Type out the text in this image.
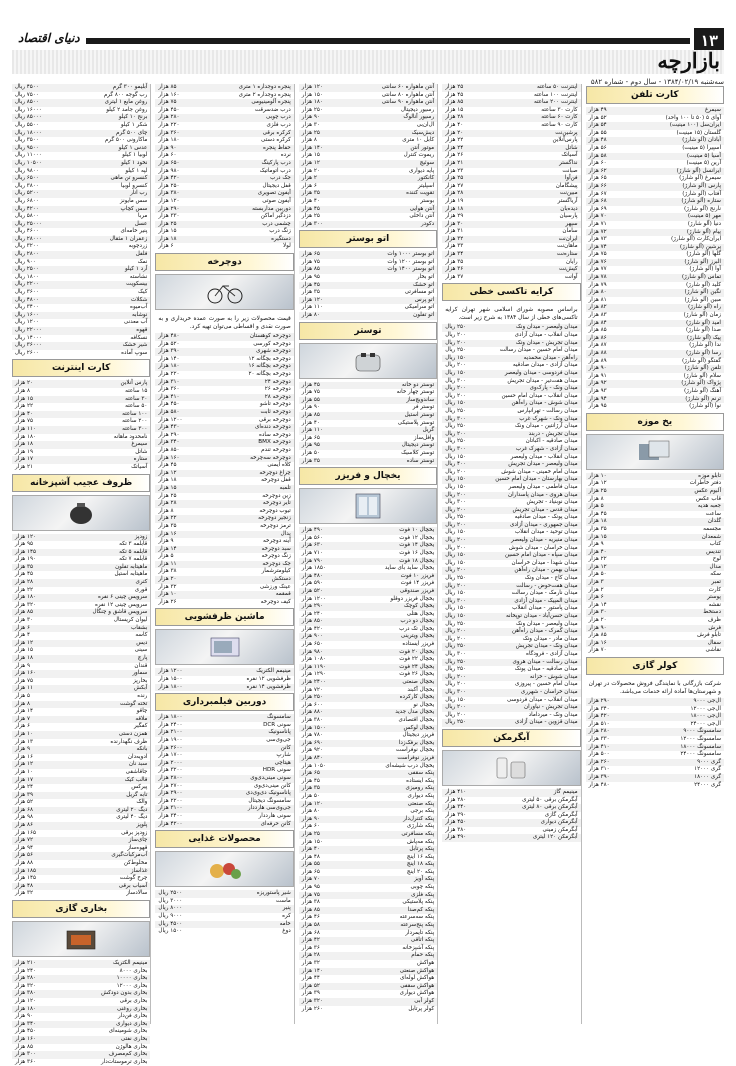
۱۳
دنیای اقتصاد
بازارچه
سه‌شنبه ۱۳۸۴/۰۲/۱۹ - سال دوم - شماره ۵۸۲
کارت تلفن
سیمرغ
۴۹ هزار
آوای ۵ (۵۰ تا ۱۰۰ واحد)
۵۲ هزار
ایران‌سل (۱۰۰ مینیت)
۵۴ هزار
گلستان (۱۵ مینیت)
۵۵ هزار
آبادان (آلو شارژ)
۴۸ هزار
اسپیرا (۵ مینیت)
۵۶ هزار
آسیا (۵ مینیت)
۵۸ هزار
آرین (۵ مینیت)
۶۰ هزار
ایرانسل (آلو شارژ)
۶۲ هزار
سیمرغ (آلو شارژ)
۶۵ هزار
پارس (آلو شارژ)
۶۶ هزار
آفتاب (آلو شارژ)
۶۷ هزار
ستاره (آلو شارژ)
۶۸ هزار
نارنج (آلو شارژ)
۶۹ هزار
مهر (۵ مینیت)
۷۰ هزار
دنیا (آلو شارژ)
۷۱ هزار
پیام (آلو شارژ)
۷۲ هزار
ایران‌کارت (آلو شارژ)
۷۳ هزار
پرشین (آلو شارژ)
۷۴ هزار
گلها (آلو شارژ)
۷۵ هزار
البرز (آلو شارژ)
۷۶ هزار
آوا (آلو شارژ)
۷۷ هزار
تماس (آلو شارژ)
۷۸ هزار
کلید (آلو شارژ)
۷۹ هزار
نگین (آلو شارژ)
۸۰ هزار
مبین (آلو شارژ)
۸۱ هزار
راه (آلو شارژ)
۸۲ هزار
زمان (آلو شارژ)
۸۳ هزار
امید (آلو شارژ)
۸۴ هزار
صدا (آلو شارژ)
۸۵ هزار
پیک (آلو شارژ)
۸۶ هزار
ندا (آلو شارژ)
۸۷ هزار
رسا (آلو شارژ)
۸۸ هزار
گفتگو (آلو شارژ)
۸۹ هزار
تلفن (آلو شارژ)
۹۰ هزار
سلام (آلو شارژ)
۹۱ هزار
پژواک (آلو شارژ)
۹۲ هزار
آهنگ (آلو شارژ)
۹۳ هزار
ترنم (آلو شارژ)
۹۴ هزار
نوا (آلو شارژ)
۹۵ هزار
یخ موزه
تابلو موزه
۱۰ هزار
دفتر خاطرات
۱۲ هزار
آلبوم عکس
۲۵ هزار
قاب عکس
۸ هزار
جعبه هدیه
۵ هزار
ساعت
۴۵ هزار
گلدان
۱۸ هزار
مجسمه
۳۵ هزار
شمعدان
۱۵ هزار
کتاب
۹ هزار
تندیس
۴۰ هزار
لوح
۲۲ هزار
مدال
۱۲ هزار
سکه
۵۰ هزار
تمبر
۳ هزار
کارت
۲ هزار
پوستر
۶ هزار
نقشه
۱۴ هزار
دستخط
۳۰ هزار
ظرف
۲۰ هزار
فرش
۹۰ هزار
تابلو فرش
۸۵ هزار
سفال
۱۶ هزار
نقاشی
۷۰ هزار
کولر گازی
شرکت بازرگانی با نمایندگی فروش محصولات در تهران و شهرستان‌ها آماده ارائه خدمات می‌باشد.
ال‌جی ۹۰۰۰
۲۹۰ هزار
ال‌جی ۱۲۰۰۰
۳۴۰ هزار
ال‌جی ۱۸۰۰۰
۴۲۰ هزار
ال‌جی ۲۴۰۰۰
۵۱۰ هزار
سامسونگ ۹۰۰۰
۲۸۰ هزار
سامسونگ ۱۲۰۰۰
۳۳۰ هزار
سامسونگ ۱۸۰۰۰
۴۱۰ هزار
سامسونگ ۲۴۰۰۰
۵۰۰ هزار
گری ۹۰۰۰
۲۶۰ هزار
گری ۱۲۰۰۰
۳۱۰ هزار
گری ۱۸۰۰۰
۳۹۰ هزار
گری ۲۴۰۰۰
۴۸۰ هزار
اینترنت ۵۰ ساعته
۲۵ هزار
اینترنت ۱۰۰ ساعته
۴۵ هزار
اینترنت ۲۰۰ ساعته
۸۵ هزار
کارت ۳۰ ساعته
۱۵ هزار
کارت ۶۰ ساعته
۲۸ هزار
کارت ۹۰ ساعته
۴۰ هزار
پرشین‌نت
۲۰ هزار
پارس‌آنلاین
۲۲ هزار
شاتل
۲۴ هزار
آسیاتک
۲۶ هزار
نداگستر
۲۱ هزار
صبانت
۲۳ هزار
فن‌آوا
۲۵ هزار
پیشگامان
۲۷ هزار
مبین‌نت
۲۸ هزار
آریاگستر
۱۹ هزار
دیده‌بان
۱۸ هزار
پارسیان
۲۹ هزار
سپهر
۳۰ هزار
سامان
۳۱ هزار
ایران‌نت
۳۲ هزار
ماهان‌نت
۳۳ هزار
ستاره‌نت
۳۴ هزار
رایان
۳۵ هزار
کیش‌نت
۳۶ هزار
آوانت
۳۷ هزار
کرایه تاکسی خطی
براساس مصوبه شورای اسلامی شهر تهران کرایه تاکسی‌های خطی از سال ۱۳۸۴ به شرح زیر است.
میدان ولیعصر - میدان ونک
۲۵۰ ریال
میدان انقلاب - میدان آزادی
۲۰۰ ریال
میدان تجریش - میدان ونک
۲۰۰ ریال
میدان امام حسین - میدان رسالت
۲۵۰ ریال
راه‌آهن - میدان محمدیه
۱۵۰ ریال
میدان آزادی - میدان صادقیه
۲۰۰ ریال
میدان فردوسی - میدان ولیعصر
۱۵۰ ریال
میدان هفت‌تیر - میدان تجریش
۳۰۰ ریال
میدان ونک - پارک‌وی
۲۰۰ ریال
میدان انقلاب - میدان امام حسین
۲۰۰ ریال
میدان شوش - میدان راه‌آهن
۱۵۰ ریال
میدان رسالت - تهرانپارس
۲۵۰ ریال
میدان ونک - شهرک غرب
۳۰۰ ریال
میدان آرژانتین - میدان ونک
۲۵۰ ریال
میدان تجریش - دربند
۲۰۰ ریال
میدان صادقیه - اکباتان
۲۵۰ ریال
میدان آزادی - شهرک غرب
۳۰۰ ریال
میدان انقلاب - میدان ولیعصر
۱۵۰ ریال
میدان ولیعصر - میدان تجریش
۴۰۰ ریال
میدان امام خمینی - میدان شوش
۲۰۰ ریال
میدان بهارستان - میدان امام حسین
۱۵۰ ریال
میدان فاطمی - میدان ولیعصر
۱۵۰ ریال
میدان هروی - میدان پاسداران
۲۰۰ ریال
میدان نوبنیاد - تجریش
۳۰۰ ریال
میدان قدس - میدان تجریش
۲۰۰ ریال
میدان پونک - میدان صادقیه
۲۵۰ ریال
میدان جمهوری - میدان آزادی
۲۰۰ ریال
میدان توحید - میدان انقلاب
۱۵۰ ریال
میدان منیریه - میدان ولیعصر
۲۰۰ ریال
میدان خراسان - میدان شوش
۲۰۰ ریال
میدان سپاه - میدان امام حسین
۱۵۰ ریال
میدان شهدا - میدان خراسان
۱۵۰ ریال
میدان بهمن - میدان راه‌آهن
۲۰۰ ریال
میدان کاج - میدان ونک
۲۵۰ ریال
میدان هفت‌حوض - رسالت
۲۰۰ ریال
میدان نارمک - میدان رسالت
۱۵۰ ریال
میدان المپیک - میدان آزادی
۳۰۰ ریال
میدان پاستور - میدان انقلاب
۱۵۰ ریال
میدان حسن‌آباد - میدان توپخانه
۱۵۰ ریال
میدان ولیعصر - میدان ونک
۲۵۰ ریال
میدان گمرک - میدان راه‌آهن
۲۰۰ ریال
میدان مادر - میدان ونک
۲۰۰ ریال
میدان ونک - میدان تجریش
۲۵۰ ریال
میدان آزادی - فرودگاه
۳۰۰ ریال
میدان رسالت - میدان هروی
۲۵۰ ریال
میدان صادقیه - میدان پونک
۲۵۰ ریال
میدان شوش - خزانه
۲۰۰ ریال
میدان امام حسین - پیروزی
۲۰۰ ریال
میدان خراسان - شهرری
۳۰۰ ریال
میدان انقلاب - میدان فردوسی
۱۵۰ ریال
میدان تجریش - نیاوران
۲۰۰ ریال
میدان ونک - میرداماد
۲۰۰ ریال
میدان قزوین - میدان آزادی
۲۵۰ ریال
آبگرمکن
مینیمم گاز
۴۱۰ هزار
آبگرمکن برقی ۵۰ لیتری
۲۸۰ هزار
آبگرمکن برقی ۸۰ لیتری
۳۴۰ هزار
آبگرمکن گازی
۳۹۰ هزار
آبگرمکن دیواری
۴۵۰ هزار
آبگرمکن زمینی
۳۸۰ هزار
آبگرمکن ۱۲۰ لیتری
۴۹۰ هزار
آنتن ماهواره ۶۰ سانتی
۱۲۰ هزار
آنتن ماهواره ۸۰ سانتی
۱۵۰ هزار
آنتن ماهواره ۹۰ سانتی
۱۸۰ هزار
رسیور دیجیتال
۲۵۰ هزار
رسیور آنالوگ
۹۰ هزار
ال‌ان‌بی
۳۰ هزار
دیش‌سیک
۲۵ هزار
کابل ۱۰ متری
۸ هزار
موتور آنتن
۱۴۰ هزار
ریموت کنترل
۱۵ هزار
سوئیچ
۱۲ هزار
پایه دیواری
۲۰ هزار
کانکتور
۲ هزار
اسپلیتر
۶ هزار
تقویت کننده
۳۵ هزار
بوستر
۴۰ هزار
آنتن هوایی
۴۵ هزار
آنتن داخلی
۲۵ هزار
دکودر
۳۰۰ هزار
اتو بوستر
اتو بوستر ۱۰۰۰ وات
۶۵ هزار
اتو بوستر ۱۲۰۰ وات
۷۵ هزار
اتو بوستر ۱۴۰۰ وات
۸۵ هزار
اتو بخار
۹۵ هزار
اتو خشک
۴۵ هزار
اتو مسافرتی
۳۵ هزار
اتو پرس
۱۲۰ هزار
اتو سرامیکی
۱۱۰ هزار
اتو تفلون
۸۰ هزار
توستر
توستر دو خانه
۴۵ هزار
توستر چهار خانه
۷۵ هزار
ساندویچ‌ساز
۵۵ هزار
توستر فر
۹۰ هزار
توستر استیل
۸۵ هزار
توستر پلاستیکی
۴۰ هزار
گریل
۱۱۰ هزار
وافل‌ساز
۶۵ هزار
توستر دیجیتال
۹۵ هزار
توستر کلاسیک
۵۰ هزار
توستر ساده
۳۵ هزار
یخچال و فریزر
یخچال ۱۰ فوت
۴۹۰ هزار
یخچال ۱۲ فوت
۵۶۰ هزار
یخچال ۱۴ فوت
۶۳۰ هزار
یخچال ۱۶ فوت
۷۱۰ هزار
یخچال ۱۸ فوت
۷۹۰ هزار
یخچال ساید بای ساید
۱۸۵۰ هزار
فریزر ۱۰ فوت
۴۸۰ هزار
فریزر ۱۴ فوت
۵۹۰ هزار
فریزر صندوقی
۵۲۰ هزار
یخچال فریزر دوقلو
۱۲۰۰ هزار
یخچال کوچک
۲۹۰ هزار
یخچال هتلی
۲۴۰ هزار
یخچال دو درب
۸۵۰ هزار
یخچال تک درب
۴۲۰ هزار
یخچال ویترینی
۹۰۰ هزار
فریزر ایستاده
۶۵۰ هزار
یخچال ۲۰ فوت
۹۸۰ هزار
یخچال ۲۲ فوت
۱۰۸۰ هزار
یخچال ۲۴ فوت
۱۱۹۰ هزار
یخچال ۲۶ فوت
۱۲۹۰ هزار
یخچال صنعتی
۲۴۰۰ هزار
یخچال آکبند
۷۲۰ هزار
یخچال کارکرده
۲۵۰ هزار
یخچال نو
۶۰۰ هزار
یخچال مدل جدید
۸۸۰ هزار
یخچال اقتصادی
۳۸۰ هزار
یخچال لوکس
۱۵۰۰ هزار
فریزر دیجیتال
۷۸۰ هزار
یخچال برفک‌زدا
۶۹۰ هزار
یخچال نوفراست
۹۲۰ هزار
فریزر نوفراست
۸۴۰ هزار
یخچال درب شیشه‌ای
۱۰۵۰ هزار
پنکه سقفی
۶۵ هزار
پنکه ایستاده
۴۵ هزار
پنکه رومیزی
۳۵ هزار
پنکه دیواری
۵۰ هزار
پنکه صنعتی
۱۲۰ هزار
پنکه برجی
۸۰ هزار
پنکه کنترل‌دار
۹۰ هزار
پنکه شارژی
۶۰ هزار
پنکه مسافرتی
۲۵ هزار
پنکه مه‌پاش
۱۵۰ هزار
پنکه پرتابل
۴۰ هزار
پنکه ۱۶ اینچ
۴۸ هزار
پنکه ۱۸ اینچ
۵۵ هزار
پنکه ۲۰ اینچ
۶۵ هزار
پنکه آویز
۷۰ هزار
پنکه چوبی
۹۵ هزار
پنکه فلزی
۷۵ هزار
پنکه پلاستیکی
۳۸ هزار
پنکه کم‌صدا
۸۵ هزار
پنکه سه‌سرعته
۴۶ هزار
پنکه پنج‌سرعته
۵۸ هزار
پنکه تایمردار
۶۸ هزار
پنکه اتاقی
۴۲ هزار
پنکه آشپزخانه
۳۶ هزار
پنکه حمام
۲۸ هزار
هواکش
۳۲ هزار
هواکش صنعتی
۱۴۰ هزار
هواکش لوله‌ای
۴۴ هزار
هواکش سقفی
۵۲ هزار
هواکش دیواری
۳۹ هزار
کولر آبی
۳۲۰ هزار
کولر پرتابل
۲۶۰ هزار
پنجره دوجداره ۱ متری
۸۵ هزار
پنجره دوجداره ۲ متری
۱۶۰ هزار
پنجره آلومینیومی
۷۵ هزار
درب ضدسرقت
۴۵۰ هزار
درب چوبی
۲۸۰ هزار
درب فلزی
۲۲۰ هزار
کرکره برقی
۳۶۰ هزار
کرکره دستی
۱۸۰ هزار
حفاظ پنجره
۹۰ هزار
نرده
۶۰ هزار
درب پارکینگ
۶۵۰ هزار
درب اتوماتیک
۹۸۰ هزار
جک درب
۴۲۰ هزار
قفل دیجیتال
۲۵۰ هزار
آیفون تصویری
۳۸۰ هزار
آیفون صوتی
۱۲۰ هزار
دوربین مداربسته
۲۹۰ هزار
دزدگیر اماکن
۳۳۰ هزار
چشمی درب
۲۵ هزار
زنگ درب
۱۵ هزار
دستگیره
۱۸ هزار
لولا
۶ هزار
دوچرخه
قیمت محصولات زیر را به صورت عمده خریداری و به صورت نقدی و اقساطی می‌توان تهیه کرد.
دوچرخه کوهستان
۴۸۰ هزار
دوچرخه کورسی
۵۲۰ هزار
دوچرخه شهری
۳۹۰ هزار
دوچرخه بچگانه ۱۲
۱۴۰ هزار
دوچرخه بچگانه ۱۶
۱۸۰ هزار
دوچرخه بچگانه ۲۰
۲۲۰ هزار
دوچرخه ۲۴
۳۱۰ هزار
دوچرخه ۲۶
۳۶۰ هزار
دوچرخه ۲۸
۴۱۰ هزار
دوچرخه تاشو
۴۵۰ هزار
دوچرخه ثابت
۵۸۰ هزار
دوچرخه برقی
۱۲۰۰ هزار
دوچرخه دنده‌ای
۴۳۰ هزار
دوچرخه ساده
۲۹۰ هزار
دوچرخه BMX
۳۴۰ هزار
دوچرخه تندم
۸۵۰ هزار
دوچرخه سه‌چرخه
۱۶۰ هزار
کلاه ایمنی
۴۵ هزار
چراغ دوچرخه
۱۲ هزار
قفل دوچرخه
۱۸ هزار
تلمبه
۱۵ هزار
زین دوچرخه
۲۵ هزار
تایر دوچرخه
۲۸ هزار
تیوب دوچرخه
۸ هزار
زنجیر دوچرخه
۲۲ هزار
ترمز دوچرخه
۳۵ هزار
پدال
۱۶ هزار
آینه دوچرخه
۹ هزار
سبد دوچرخه
۱۴ هزار
زنگ دوچرخه
۵ هزار
جک دوچرخه
۱۱ هزار
کیلومترشمار
۳۸ هزار
دستکش
۲۰ هزار
عینک ورزشی
۳۲ هزار
قمقمه
۱۰ هزار
کیف دوچرخه
۲۶ هزار
ماشین ظرفشویی
مینیمم الکتریک
۱۲۰۰ هزار
ظرفشویی ۱۲ نفره
۱۵۰۰ هزار
ظرفشویی ۱۴ نفره
۱۸۰۰ هزار
دوربین فیلمبرداری
سامسونگ
۱۸۰۰ هزار
سونی DCR
۲۴۰۰ هزار
پاناسونیک
۲۱۰۰ هزار
جی‌وی‌سی
۱۹۰۰ هزار
کانن
۲۶۰۰ هزار
شارپ
۱۷۰۰ هزار
هیتاچی
۲۰۰۰ هزار
سونی HDR
۳۲۰۰ هزار
سونی مینی‌دی‌وی
۲۸۰۰ هزار
کانن مینی‌دی‌وی
۲۷۰۰ هزار
پاناسونیک دی‌وی‌دی
۲۹۰۰ هزار
سامسونگ دیجیتال
۲۲۰۰ هزار
جی‌وی‌سی هارددار
۳۱۰۰ هزار
سونی هارددار
۳۴۰۰ هزار
کانن حرفه‌ای
۴۲۰۰ هزار
محصولات غذایی
شیر پاستوریزه
۲۵۰۰ ریال
ماست
۳۰۰۰ ریال
پنیر
۸۰۰۰ ریال
کره
۹۰۰۰ ریال
خامه
۴۵۰۰ ریال
دوغ
۱۵۰۰ ریال
آبلیمو ۳۰۰ گرم
۴۵۰۰ ریال
رب گوجه ۸۰۰ گرم
۷۵۰۰ ریال
روغن مایع ۱ لیتری
۸۵۰۰ ریال
روغن جامد ۲ کیلو
۱۶۰۰۰ ریال
برنج ۱۰ کیلو
۸۵۰۰۰ ریال
شکر ۱ کیلو
۵۵۰۰ ریال
چای ۵۰۰ گرم
۱۸۰۰۰ ریال
ماکارونی ۵۰۰ گرم
۳۵۰۰ ریال
عدس ۱ کیلو
۹۵۰۰ ریال
لوبیا ۱ کیلو
۱۱۰۰۰ ریال
نخود ۱ کیلو
۱۰۵۰۰ ریال
لپه ۱ کیلو
۹۸۰۰ ریال
کنسرو تن ماهی
۶۵۰۰ ریال
کنسرو لوبیا
۳۸۰۰ ریال
رب انار
۵۲۰۰ ریال
سس مایونز
۶۸۰۰ ریال
سس کچاپ
۴۲۰۰ ریال
مربا
۵۸۰۰ ریال
عسل
۲۵۰۰۰ ریال
پنیر خامه‌ای
۴۶۰۰ ریال
زعفران ۱ مثقال
۲۸۰۰۰ ریال
زردچوبه
۳۲۰۰ ریال
فلفل
۲۸۰۰ ریال
نمک
۹۰۰ ریال
آرد ۱ کیلو
۲۵۰۰ ریال
نشاسته
۱۸۰۰ ریال
بیسکویت
۲۲۰۰ ریال
کیک
۳۶۰۰ ریال
شکلات
۴۸۰۰ ریال
آب‌میوه
۳۴۰۰ ریال
نوشابه
۱۶۰۰ ریال
آب معدنی
۱۲۰۰ ریال
قهوه
۲۲۰۰۰ ریال
نسکافه
۱۴۰۰۰ ریال
شیر خشک
۳۶۰۰۰ ریال
سوپ آماده
۲۶۰۰ ریال
کارت اینترنت
پارس آنلاین
۲۰ هزار
۱۵ ساعته
۸ هزار
۳۰ ساعته
۱۵ هزار
۵۰ ساعته
۲۲ هزار
۱۰۰ ساعته
۴۰ هزار
۲۰۰ ساعته
۷۵ هزار
۳۰۰ ساعته
۱۱۰ هزار
نامحدود ماهانه
۱۸۰ هزار
سیمرغ
۱۸ هزار
شاتل
۱۹ هزار
ستاره
۱۷ هزار
آسیاتک
۲۱ هزار
ظروف عجیب آشپزخانه
زودپز
۱۲۰ هزار
قابلمه ۳ تکه
۹۵ هزار
قابلمه ۵ تکه
۱۴۵ هزار
قابلمه ۷ تکه
۱۹۰ هزار
ماهیتابه تفلون
۳۵ هزار
ماهیتابه استیل
۴۵ هزار
کتری
۲۸ هزار
قوری
۲۲ هزار
سرویس چینی ۶ نفره
۱۸۰ هزار
سرویس چینی ۱۲ نفره
۳۲۰ هزار
سرویس قاشق و چنگال
۸۵ هزار
لیوان کریستال
۳۰ هزار
بشقاب
۶ هزار
کاسه
۴ هزار
دیس
۱۲ هزار
سینی
۱۵ هزار
پارچ
۱۸ هزار
قندان
۹ هزار
سماور
۱۶۰ هزار
بخارپز
۷۵ هزار
آبکش
۱۱ هزار
رنده
۵ هزار
تخته گوشت
۸ هزار
چاقو
۱۴ هزار
ملاقه
۷ هزار
کفگیر
۶ هزار
همزن دستی
۱۰ هزار
ظرف نگهدارنده
۱۳ هزار
بانکه
۹ هزار
ادویه‌دان
۱۶ هزار
سبد نان
۱۲ هزار
جاقاشقی
۱۰ هزار
قالب کیک
۱۷ هزار
پیرکس
۲۴ هزار
تابه گریل
۳۹ هزار
والک
۵۲ هزار
دیگ ۲۰ لیتری
۶۸ هزار
دیگ ۴۰ لیتری
۹۸ هزار
پلوپز
۸۶ هزار
زودپز برقی
۱۶۵ هزار
چای‌ساز
۷۲ هزار
قهوه‌ساز
۹۴ هزار
آب‌مرکبات‌گیری
۵۶ هزار
مخلوط‌کن
۸۸ هزار
غذاساز
۱۸۵ هزار
چرخ گوشت
۱۴۵ هزار
آسیاب برقی
۴۸ هزار
سالادساز
۳۲ هزار
بخاری گازی
مینیمم الکتریک
۲۱۰ هزار
بخاری ۸۰۰۰
۲۴۰ هزار
بخاری ۱۰۰۰۰
۲۸۰ هزار
بخاری ۱۲۰۰۰
۳۲۰ هزار
بخاری بدون دودکش
۳۸۰ هزار
بخاری برقی
۱۲۰ هزار
بخاری روغنی
۱۸۰ هزار
بخاری فن‌دار
۹۰ هزار
بخاری دیواری
۳۴۰ هزار
بخاری شومینه‌ای
۴۵۰ هزار
بخاری نفتی
۱۶۰ هزار
بخاری هالوژن
۸۵ هزار
بخاری کم‌مصرف
۳۰۰ هزار
بخاری ترموستات‌دار
۳۶۰ هزار
